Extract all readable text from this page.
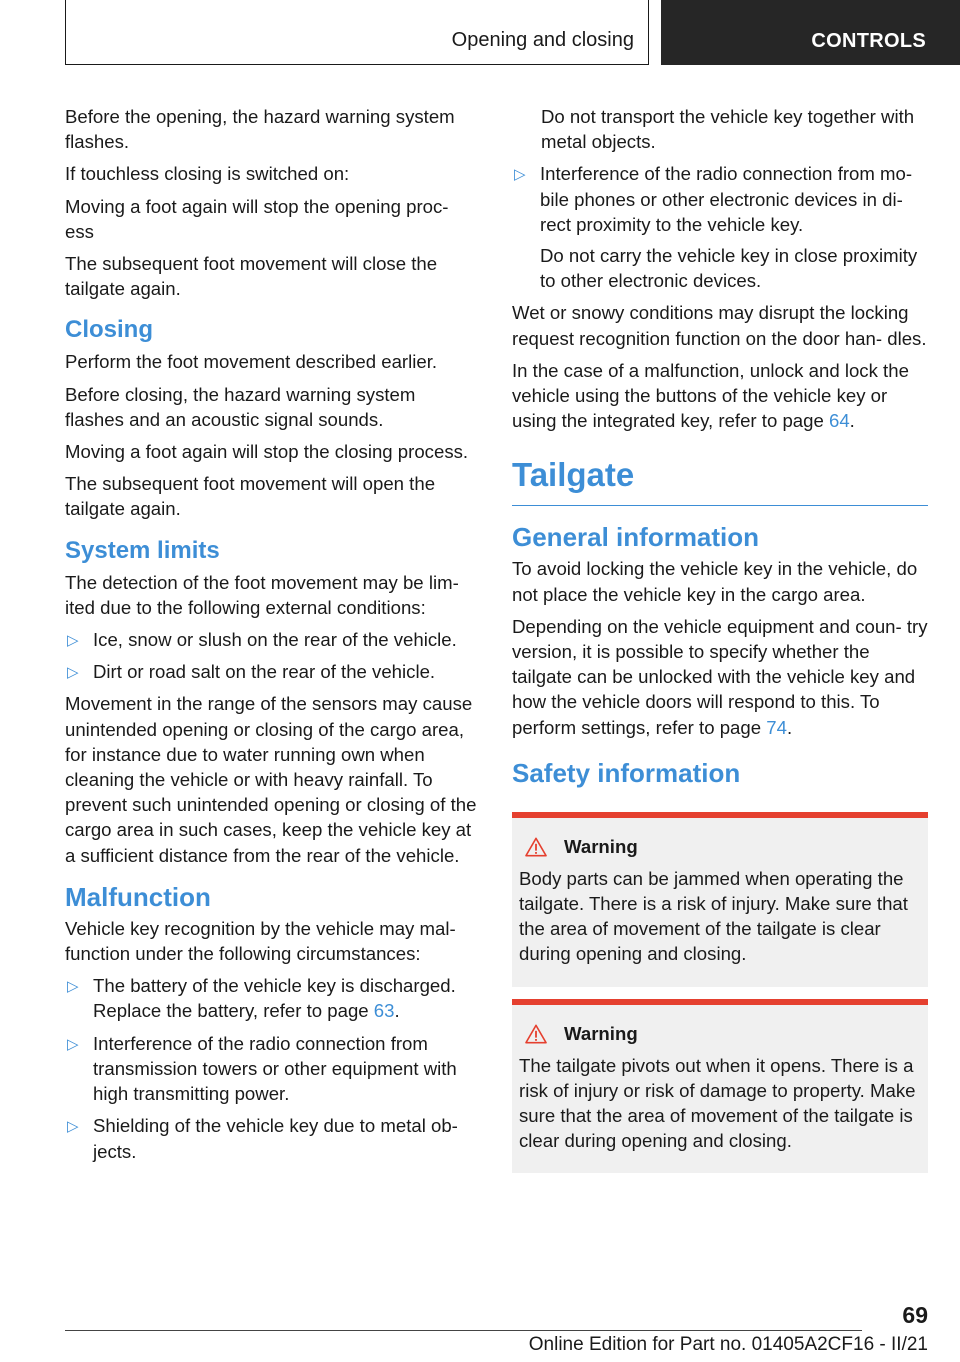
Opening and closing	CONTROLS

Before the opening, the hazard warning system flashes.

If touchless closing is switched on:

Moving a foot again will stop the opening proc‐ ess

The subsequent foot movement will close the tailgate again.

Closing

Perform the foot movement described earlier.

Before closing, the hazard warning system flashes and an acoustic signal sounds.

Moving a foot again will stop the closing process.

The subsequent foot movement will open the tailgate again.

System limits

The detection of the foot movement may be lim‐ ited due to the following external conditions:

▷ Ice, snow or slush on the rear of the vehicle.
▷ Dirt or road salt on the rear of the vehicle.

Movement in the range of the sensors may cause unintended opening or closing of the cargo area, for instance due to water running own when cleaning the vehicle or with heavy rainfall. To prevent such unintended opening or closing of the cargo area in such cases, keep the vehicle key at a sufficient distance from the rear of the vehicle.

Malfunction

Vehicle key recognition by the vehicle may mal‐ function under the following circumstances:

▷ The battery of the vehicle key is discharged. Replace the battery, refer to page 63.
▷ Interference of the radio connection from transmission towers or other equipment with high transmitting power.
▷ Shielding of the vehicle key due to metal ob‐ jects.

Do not transport the vehicle key together with metal objects.

▷ Interference of the radio connection from mo‐ bile phones or other electronic devices in di‐ rect proximity to the vehicle key.

Do not carry the vehicle key in close proximity to other electronic devices.

Wet or snowy conditions may disrupt the locking request recognition function on the door han‐ dles.

In the case of a malfunction, unlock and lock the vehicle using the buttons of the vehicle key or using the integrated key, refer to page 64.

Tailgate
General information

To avoid locking the vehicle key in the vehicle, do not place the vehicle key in the cargo area.

Depending on the vehicle equipment and coun‐ try version, it is possible to specify whether the tailgate can be unlocked with the vehicle key and how the vehicle doors will respond to this. To perform settings, refer to page 74.

Safety information
Warning

Body parts can be jammed when operating the tailgate. There is a risk of injury. Make sure that the area of movement of the tailgate is clear during opening and closing.

Warning

The tailgate pivots out when it opens. There is a risk of injury or risk of damage to property. Make sure that the area of movement of the tailgate is clear during opening and closing.

69
Online Edition for Part no. 01405A2CF16 - II/21
